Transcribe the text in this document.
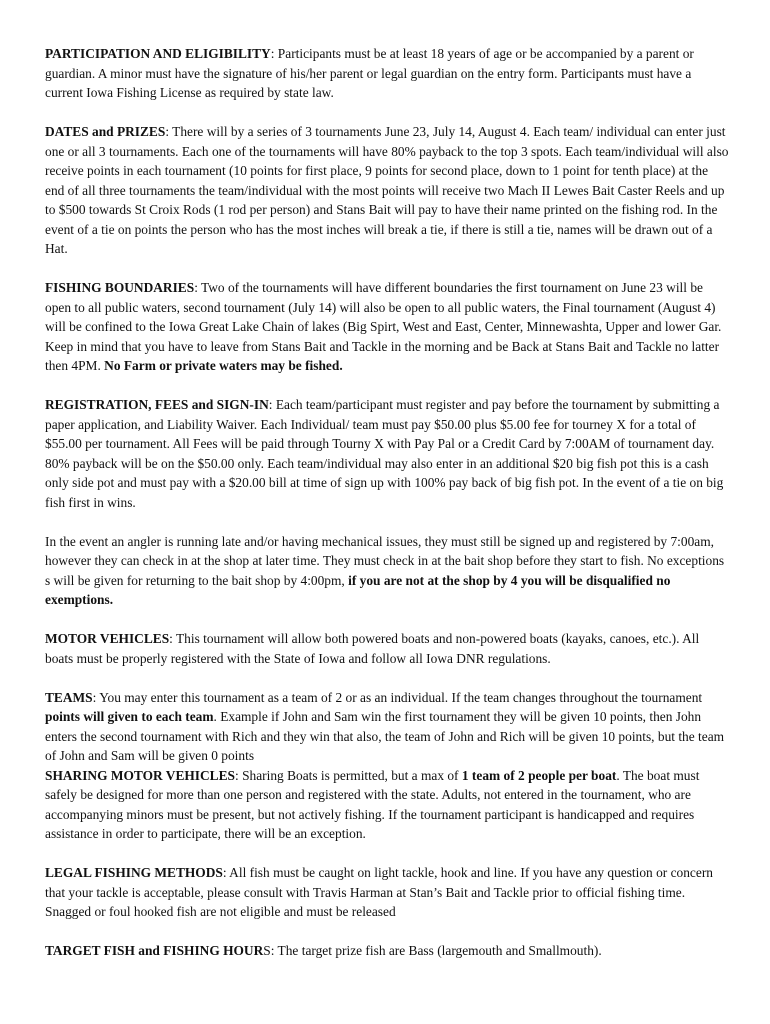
PARTICIPATION AND ELIGIBILITY: Participants must be at least 18 years of age or be accompanied by a parent or guardian. A minor must have the signature of his/her parent or legal guardian on the entry form. Participants must have a current Iowa Fishing License as required by state law.

DATES and PRIZES: There will by a series of 3 tournaments June 23, July 14, August 4. Each team/ individual can enter just one or all 3 tournaments. Each one of the tournaments will have 80% payback to the top 3 spots. Each team/individual will also receive points in each tournament (10 points for first place, 9 points for second place, down to 1 point for tenth place) at the end of all three tournaments the team/individual with the most points will receive two Mach II Lewes Bait Caster Reels and up to $500 towards St Croix Rods (1 rod per person) and Stans Bait will pay to have their name printed on the fishing rod. In the event of a tie on points the person who has the most inches will break a tie, if there is still a tie, names will be drawn out of a Hat.

FISHING BOUNDARIES: Two of the tournaments will have different boundaries the first tournament on June 23 will be open to all public waters, second tournament (July 14) will also be open to all public waters, the Final tournament (August 4) will be confined to the Iowa Great Lake Chain of lakes (Big Spirt, West and East, Center, Minnewashta, Upper and lower Gar. Keep in mind that you have to leave from Stans Bait and Tackle in the morning and be Back at Stans Bait and Tackle no latter then 4PM. No Farm or private waters may be fished.

REGISTRATION, FEES and SIGN-IN: Each team/participant must register and pay before the tournament by submitting a paper application, and Liability Waiver. Each Individual/ team must pay $50.00 plus $5.00 fee for tourney X for a total of $55.00 per tournament. All Fees will be paid through Tourny X with Pay Pal or a Credit Card by 7:00AM of tournament day. 80% payback will be on the $50.00 only. Each team/individual may also enter in an additional $20 big fish pot this is a cash only side pot and must pay with a $20.00 bill at time of sign up with 100% pay back of big fish pot. In the event of a tie on big fish first in wins.

In the event an angler is running late and/or having mechanical issues, they must still be signed up and registered by 7:00am, however they can check in at the shop at later time. They must check in at the bait shop before they start to fish. No exceptions s will be given for returning to the bait shop by 4:00pm, if you are not at the shop by 4 you will be disqualified no exemptions.

MOTOR VEHICLES: This tournament will allow both powered boats and non-powered boats (kayaks, canoes, etc.). All boats must be properly registered with the State of Iowa and follow all Iowa DNR regulations.

TEAMS: You may enter this tournament as a team of 2 or as an individual. If the team changes throughout the tournament points will given to each team. Example if John and Sam win the first tournament they will be given 10 points, then John enters the second tournament with Rich and they win that also, the team of John and Rich will be given 10 points, but the team of John and Sam will be given 0 points

SHARING MOTOR VEHICLES: Sharing Boats is permitted, but a max of 1 team of 2 people per boat. The boat must safely be designed for more than one person and registered with the state. Adults, not entered in the tournament, who are accompanying minors must be present, but not actively fishing. If the tournament participant is handicapped and requires assistance in order to participate, there will be an exception.

LEGAL FISHING METHODS: All fish must be caught on light tackle, hook and line. If you have any question or concern that your tackle is acceptable, please consult with Travis Harman at Stan’s Bait and Tackle prior to official fishing time. Snagged or foul hooked fish are not eligible and must be released

TARGET FISH and FISHING HOURS: The target prize fish are Bass (largemouth and Smallmouth).
